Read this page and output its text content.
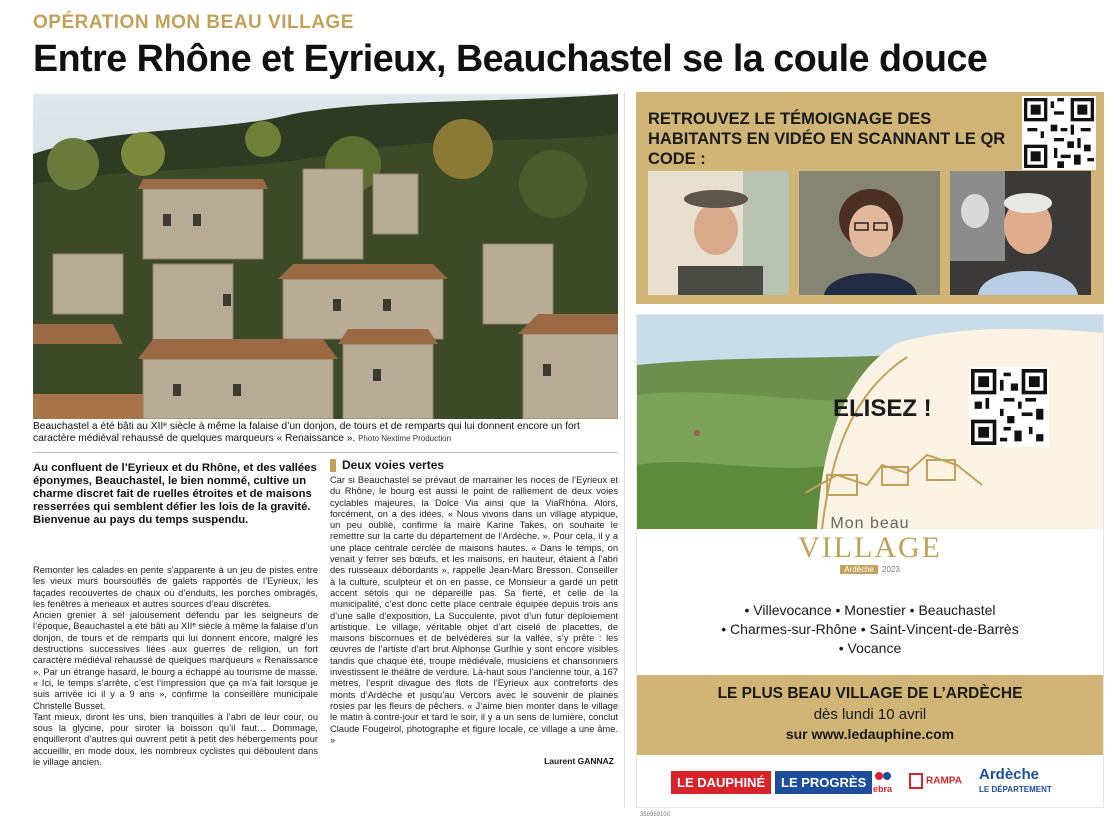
OPÉRATION MON BEAU VILLAGE
Entre Rhône et Eyrieux, Beauchastel se la coule douce
Beauchastel a été bâti au XIIᵉ siècle à même la falaise d’un donjon, de tours et de remparts qui lui donnent encore un fort caractère médiéval rehaussé de quelques marqueurs « Renaissance ». Photo Nextime Production
Au confluent de l’Eyrieux et du Rhône, et des vallées éponymes, Beauchastel, le bien nommé, cultive un charme discret fait de ruelles étroites et de maisons resserrées qui semblent défier les lois de la gravité. Bienvenue au pays du temps suspendu.

Remonter les calades en pente s’apparente à un jeu de pistes entre les vieux murs boursouflés de galets rapportés de l’Eyrieux, les façades recouvertes de chaux ou d’enduits, les porches ombragés, les fenêtres à meneaux et autres sources d’eau discrètes.

Ancien grenier à sel jalousement défendu par les seigneurs de l’époque, Beauchastel a été bâti au XIIᵉ siècle à même la falaise d’un donjon, de tours et de remparts qui lui donnent encore, malgré les destructions successives liées aux guerres de religion, un fort caractère médiéval rehaussé de quelques marqueurs « Renaissance ». Par un étrange hasard, le bourg a échappé au tourisme de masse. « Ici, le temps s’arrête, c’est l’impression que ça m’a fait lorsque je suis arrivée ici il y a 9 ans », confirme la conseillère municipale Christelle Busset.

Tant mieux, diront les uns, bien tranquilles à l’abri de leur cour, ou sous la glycine, pour siroter la boisson qu’il faut… Dommage, enquilleront d’autres qui ouvrent petit à petit des hébergements pour accueillir, en mode doux, les nombreux cyclistes qui déboulent dans le village ancien.

Deux voies vertes

Car si Beauchastel se prévaut de marrainer les noces de l’Eyrieux et du Rhône, le bourg est aussi le point de ralliement de deux voies cyclables majeures, la Dolce Via ainsi que la ViaRhôna. Alors, forcément, on a des idées. « Nous vivons dans un village atypique, un peu oublié, confirme la maire Karine Takes, on souhaite le remettre sur la carte du département de l’Ardèche. ». Pour cela, il y a une place centrale cerclée de maisons hautes. « Dans le temps, on venait y ferrer ses bœufs, et les maisons, en hauteur, étaient à l’abri des ruisseaux débordants », rappelle Jean-Marc Bresson. Conseiller à la culture, sculpteur et on en passe, ce Monsieur a gardé un petit accent sétois qui ne dépareille pas. Sa fierté, et celle de la municipalité, c’est donc cette place centrale équipée depuis trois ans d’une salle d’exposition, La Succulente, pivot d’un futur déploiement artistique. Le village, véritable objet d’art ciselé de placettes, de maisons biscornues et de belvédères sur la vallée, s’y prête : les œuvres de l’artiste d’art brut Alphonse Gurlhie y sont encore visibles tandis que chaque été, troupe médiévale, musiciens et chansonniers investissent le théâtre de verdure. Là-haut sous l’ancienne tour, à 167 mètres, l’esprit divague des flots de l’Eyrieux aux contreforts des monts d’Ardèche et jusqu’au Vercors avec le souvenir de plaines rosies par les fleurs de pêchers. « J’aime bien monter dans le village le matin à contre-jour et tard le soir, il y a un sens de lumière, conclut Claude Fougeirol, photographe et figure locale, ce village a une âme. »

Laurent GANNAZ
RETROUVEZ LE TÉMOIGNAGE DES HABITANTS EN VIDÉO EN SCANNANT LE QR CODE :
ELISEZ !
Mon beau
VILLAGE
Ardèche 2023
• Villevocance • Monestier • Beauchastel
• Charmes-sur-Rhône • Saint-Vincent-de-Barrès
• Vocance
LE PLUS BEAU VILLAGE DE L’ARDÈCHE
dès lundi 10 avril
sur www.ledauphine.com
LE DAUPHINÉ	LE PROGRÈS ebra
RAMPA Ardèche
LE DÉPARTEMENT
350959100
